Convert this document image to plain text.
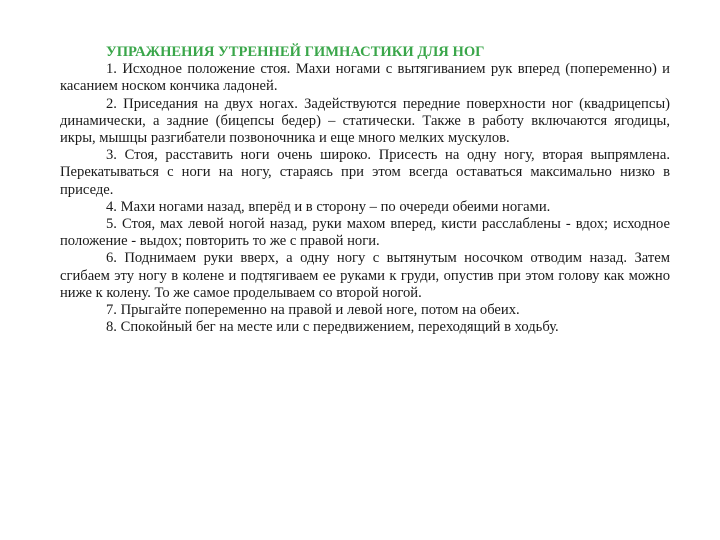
УПРАЖНЕНИЯ УТРЕННЕЙ ГИМНАСТИКИ ДЛЯ НОГ

1. Исходное положение стоя. Махи ногами с вытягиванием рук вперед (попеременно) и касанием носком кончика ладоней.

2. Приседания на двух ногах. Задействуются передние поверхности ног (квадрицепсы) динамически, а задние (бицепсы бедер) – статически. Также в работу включаются ягодицы, икры, мышцы разгибатели позвоночника и еще много мелких мускулов.

3. Стоя, расставить ноги очень широко. Присесть на одну ногу, вторая выпрямлена. Перекатываться с ноги на ногу, стараясь при этом всегда оставаться максимально низко в приседе.

4. Махи ногами назад, вперёд и в сторону – по очереди обеими ногами.

5. Стоя, мах левой ногой назад, руки махом вперед, кисти расслаблены - вдох; исходное положение - выдох; повторить то же с правой ноги.

6. Поднимаем руки вверх, а одну ногу с вытянутым носочком отводим назад. Затем сгибаем эту ногу в колене и подтягиваем ее руками к груди, опустив при этом голову как можно ниже к колену. То же самое проделываем со второй ногой.

7. Прыгайте попеременно на правой и левой ноге, потом на обеих.

8. Спокойный бег на месте или с передвижением, переходящий в ходьбу.
